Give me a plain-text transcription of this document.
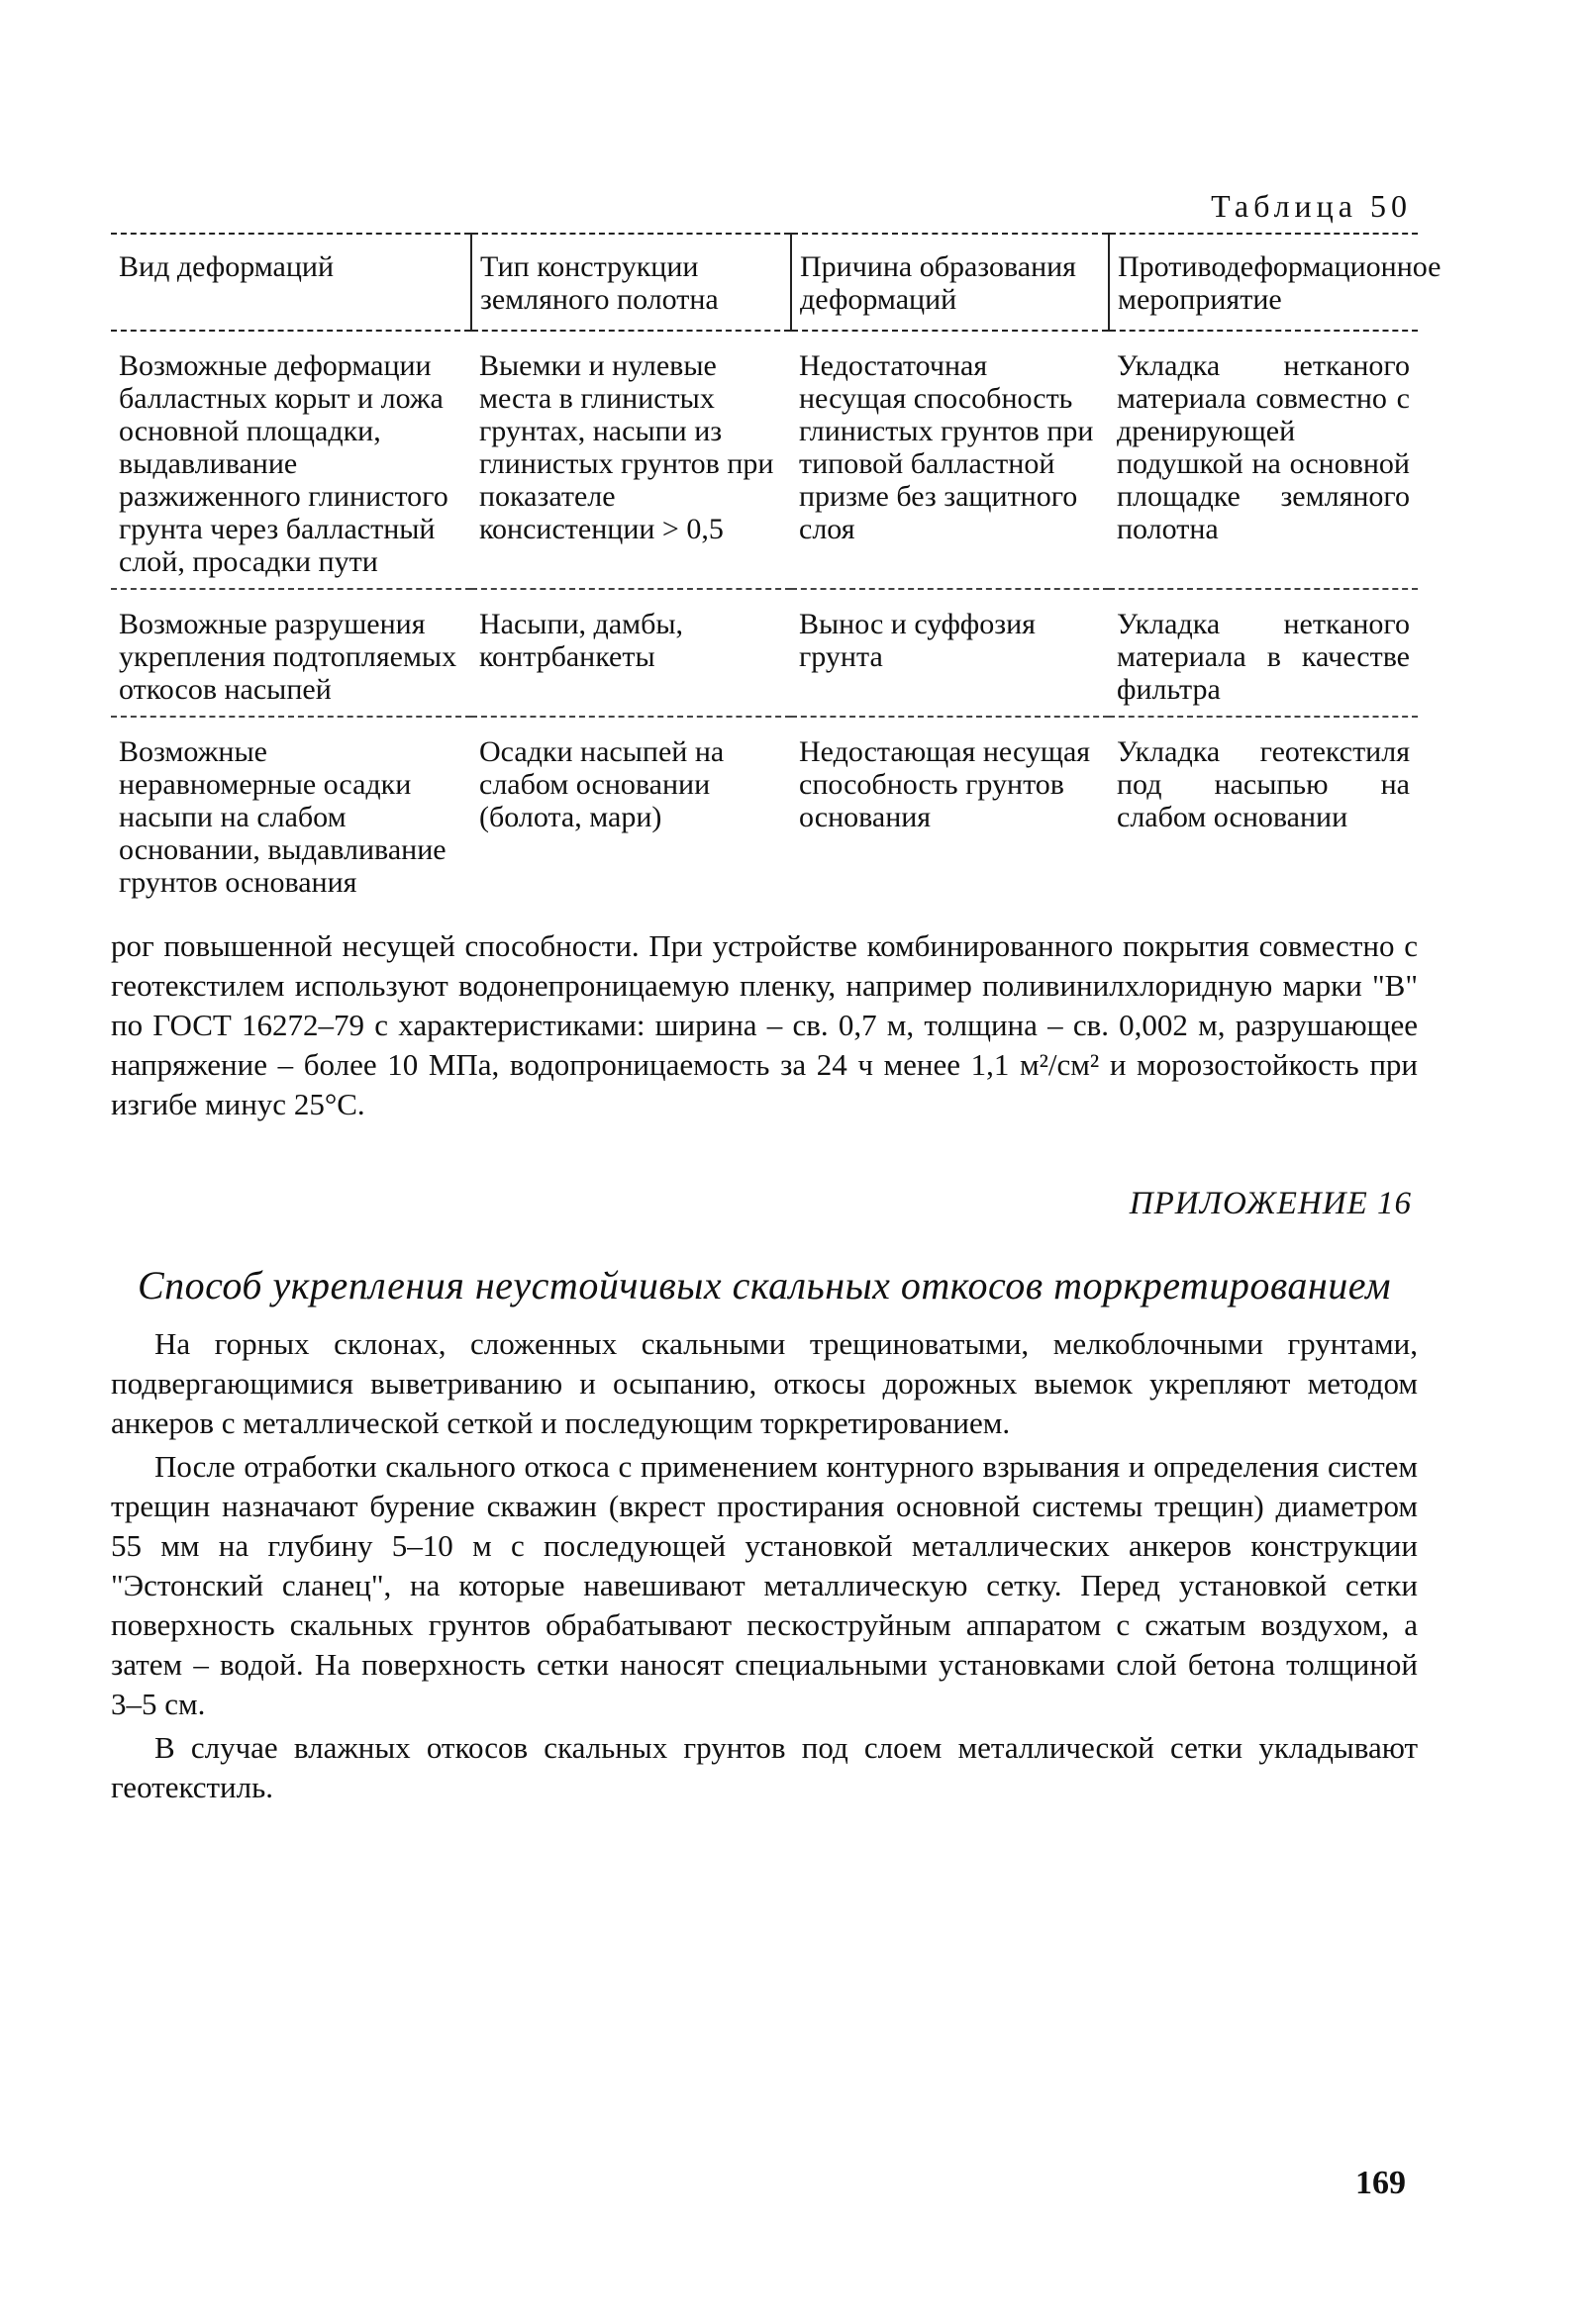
Таблица 50
Вид деформаций	Тип конструкции земляного полотна	Причина образования деформаций	Противодеформационное мероприятие
Возможные деформации балластных корыт и ложа основной площадки, выдавливание разжиженного глинистого грунта через балластный слой, просадки пути	Выемки и нулевые места в глинистых грунтах, насыпи из глинистых грунтов при показателе консистенции > 0,5	Недостаточная несущая способность глинистых грунтов при типовой балластной призме без защитного слоя	Укладка нетканого материала совместно с дренирующей подушкой на основной площадке земляного полотна
Возможные разрушения укрепления подтопляемых откосов насыпей	Насыпи, дамбы, контрбанкеты	Вынос и суффозия грунта	Укладка нетканого материала в качестве фильтра
Возможные неравномерные осадки насыпи на слабом основании, выдавливание грунтов основания	Осадки насыпей на слабом основании (болота, мари)	Недостающая несущая способность грунтов основания	Укладка геотекстиля под насыпью на слабом основании

рог повышенной несущей способности. При устройстве комбинированного покрытия совместно с геотекстилем используют водонепроницаемую пленку, например поливинилхлоридную марки "В" по ГОСТ 16272–79 с характеристиками: ширина – св. 0,7 м, толщина – св. 0,002 м, разрушающее напряжение – более 10 МПа, водопроницаемость за 24 ч менее 1,1 м²/см² и морозостойкость при изгибе минус 25°С.

ПРИЛОЖЕНИЕ 16
Способ укрепления неустойчивых скальных откосов торкретированием

На горных склонах, сложенных скальными трещиноватыми, мелкоблочными грунтами, подвергающимися выветриванию и осыпанию, откосы дорожных выемок укрепляют методом анкеров с металлической сеткой и последующим торкретированием.

После отработки скального откоса с применением контурного взрывания и определения систем трещин назначают бурение скважин (вкрест простирания основной системы трещин) диаметром 55 мм на глубину 5–10 м с последующей установкой металлических анкеров конструкции "Эстонский сланец", на которые навешивают металлическую сетку. Перед установкой сетки поверхность скальных грунтов обрабатывают пескоструйным аппаратом с сжатым воздухом, а затем – водой. На поверхность сетки наносят специальными установками слой бетона толщиной 3–5 см.

В случае влажных откосов скальных грунтов под слоем металлической сетки укладывают геотекстиль.

169
